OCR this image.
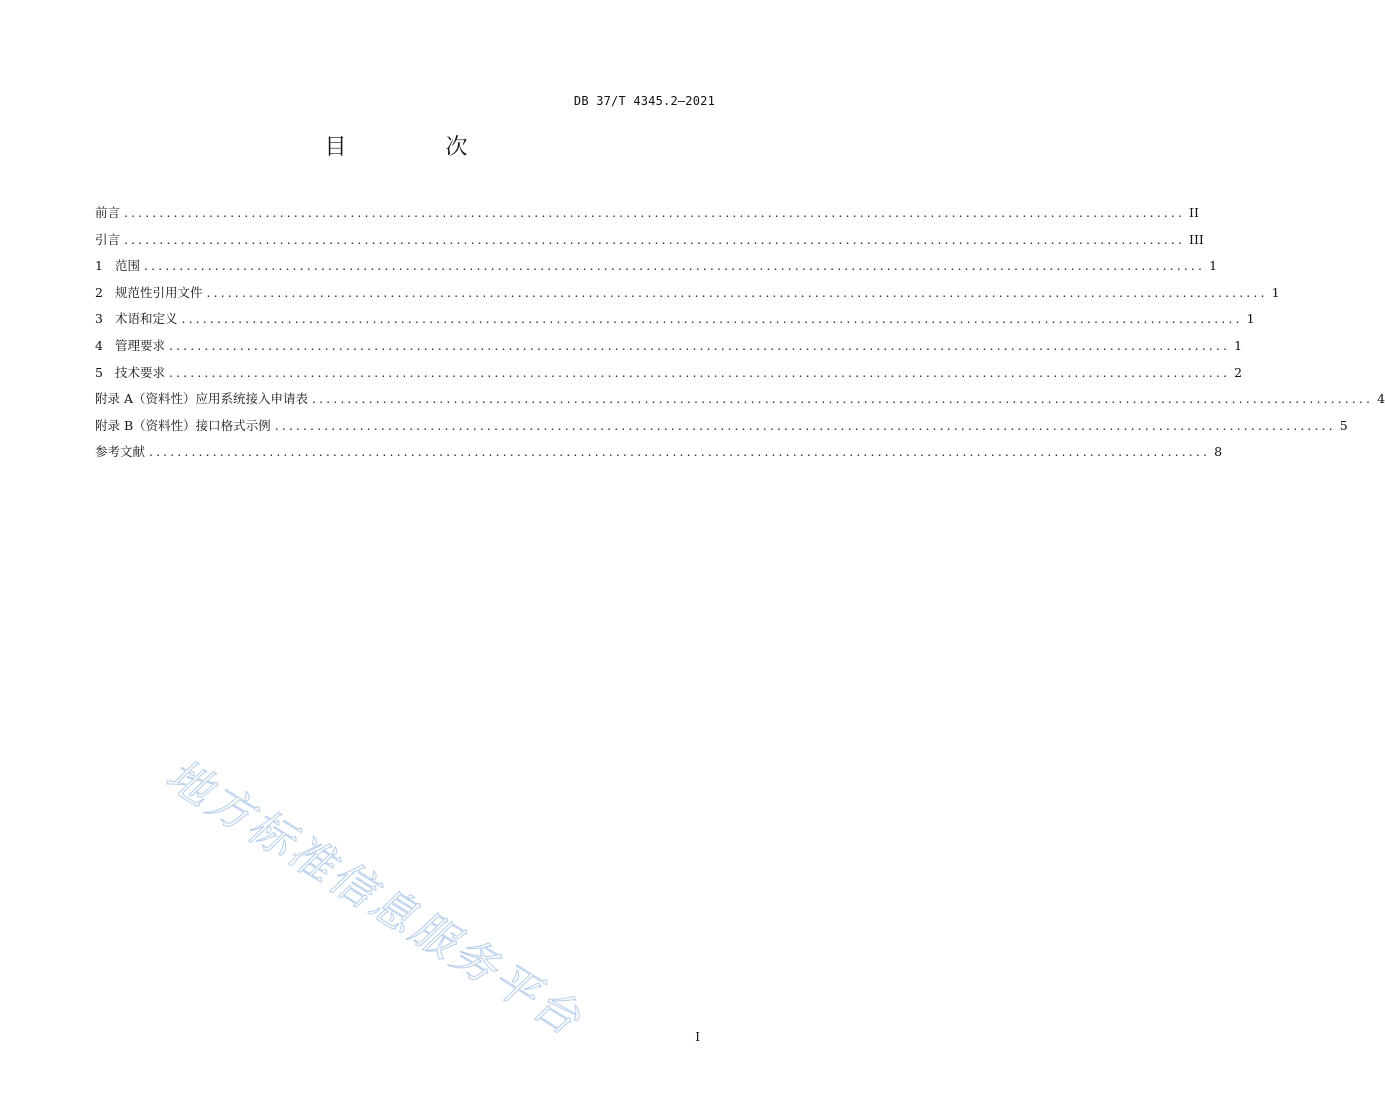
DB 37/T 4345.2—2021
目 次
前言 ...................................................................................................................................................... II
引言 ...................................................................................................................................................... III
1 范围 ...................................................................................................................................................... 1
2 规范性引用文件 ...................................................................................................................................................... 1
3 术语和定义 ...................................................................................................................................................... 1
4 管理要求 ...................................................................................................................................................... 1
5 技术要求 ...................................................................................................................................................... 2
附录 A（资料性） 应用系统接入申请表 ...................................................................................................................................................... 4
附录 B（资料性） 接口格式示例 ...................................................................................................................................................... 5
参考文献 ...................................................................................................................................................... 8
地方标准信息服务平台	I
